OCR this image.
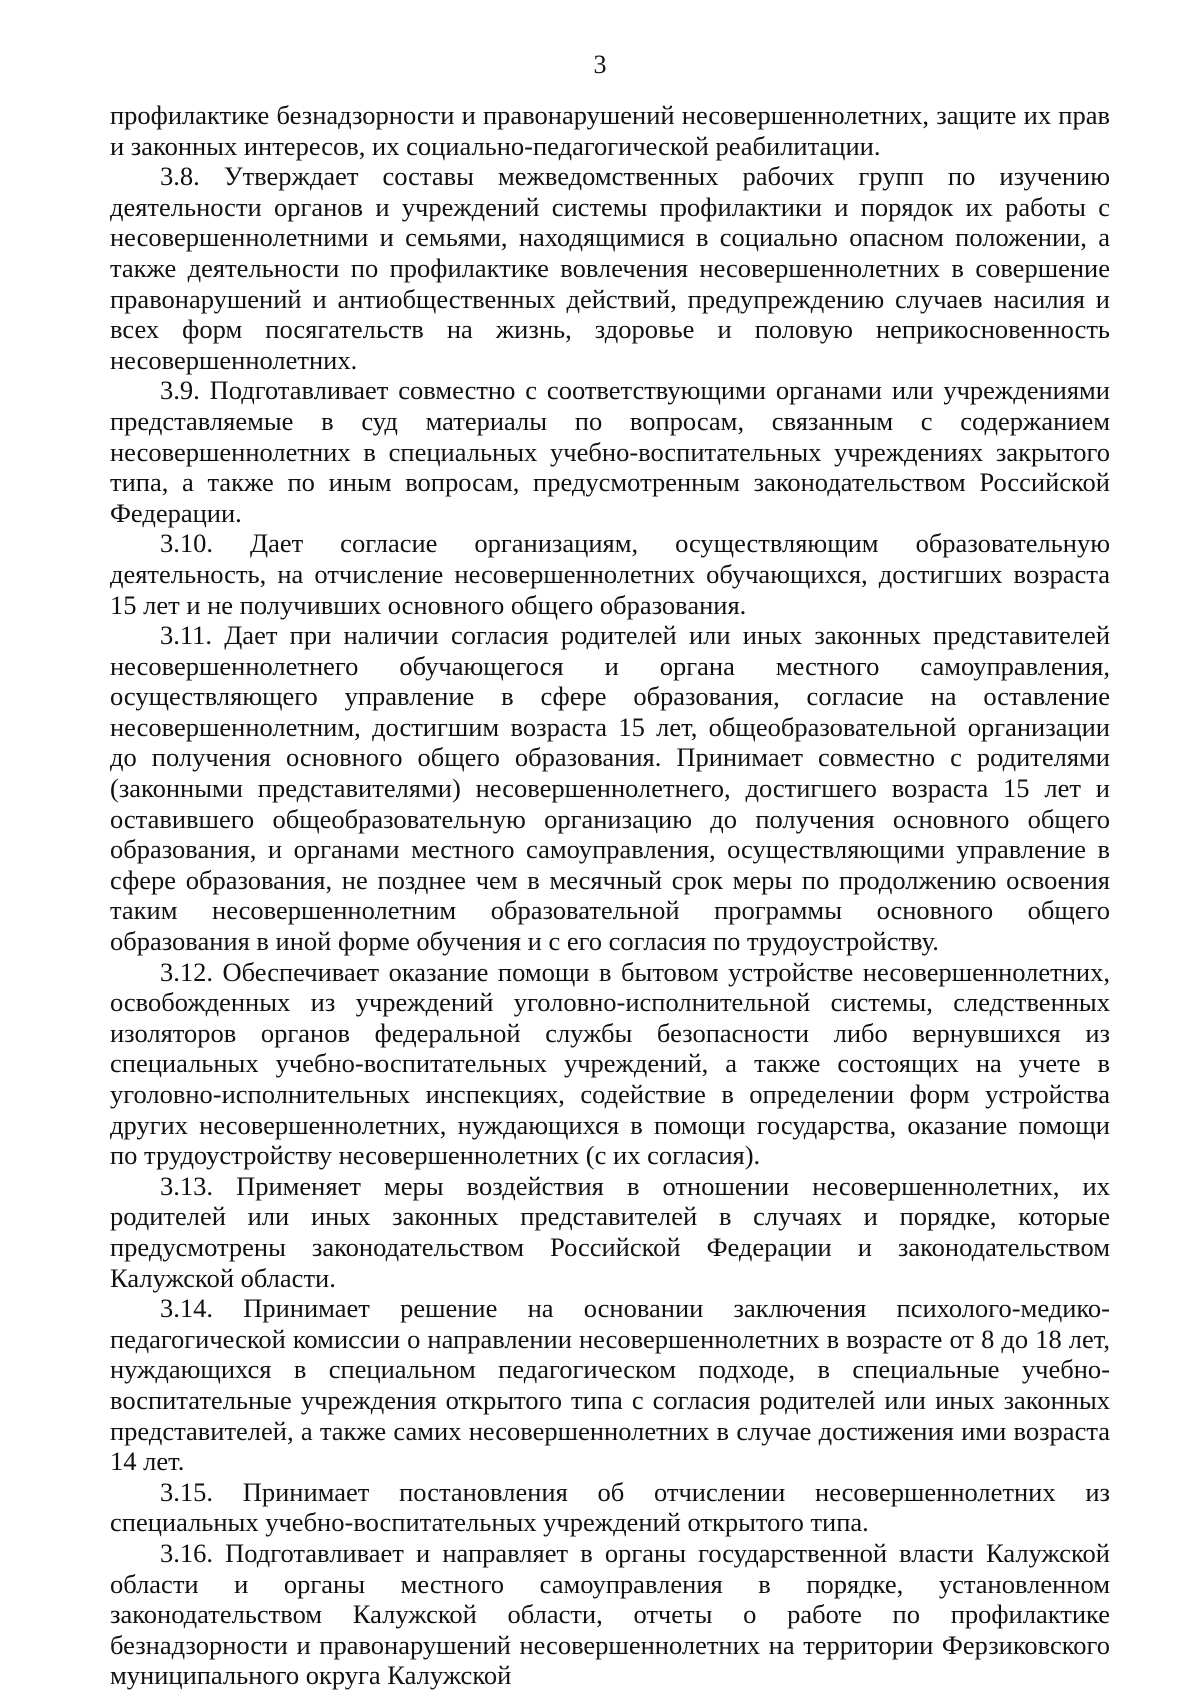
3

профилактике безнадзорности и правонарушений несовершеннолетних, защите их прав и законных интересов, их социально-педагогической реабилитации.

3.8. Утверждает составы межведомственных рабочих групп по изучению деятельности органов и учреждений системы профилактики и порядок их работы с несовершеннолетними и семьями, находящимися в социально опасном положении, а также деятельности по профилактике вовлечения несовершеннолетних в совершение правонарушений и антиобщественных действий, предупреждению случаев насилия и всех форм посягательств на жизнь, здоровье и половую неприкосновенность несовершеннолетних.

3.9. Подготавливает совместно с соответствующими органами или учреждениями представляемые в суд материалы по вопросам, связанным с содержанием несовершеннолетних в специальных учебно-воспитательных учреждениях закрытого типа, а также по иным вопросам, предусмотренным законодательством Российской Федерации.

3.10. Дает согласие организациям, осуществляющим образовательную деятельность, на отчисление несовершеннолетних обучающихся, достигших возраста 15 лет и не получивших основного общего образования.

3.11. Дает при наличии согласия родителей или иных законных представителей несовершеннолетнего обучающегося и органа местного самоуправления, осуществляющего управление в сфере образования, согласие на оставление несовершеннолетним, достигшим возраста 15 лет, общеобразовательной организации до получения основного общего образования. Принимает совместно с родителями (законными представителями) несовершеннолетнего, достигшего возраста 15 лет и оставившего общеобразовательную организацию до получения основного общего образования, и органами местного самоуправления, осуществляющими управление в сфере образования, не позднее чем в месячный срок меры по продолжению освоения таким несовершеннолетним образовательной программы основного общего образования в иной форме обучения и с его согласия по трудоустройству.

3.12. Обеспечивает оказание помощи в бытовом устройстве несовершеннолетних, освобожденных из учреждений уголовно-исполнительной системы, следственных изоляторов органов федеральной службы безопасности либо вернувшихся из специальных учебно-воспитательных учреждений, а также состоящих на учете в уголовно-исполнительных инспекциях, содействие в определении форм устройства других несовершеннолетних, нуждающихся в помощи государства, оказание помощи по трудоустройству несовершеннолетних (с их согласия).

3.13. Применяет меры воздействия в отношении несовершеннолетних, их родителей или иных законных представителей в случаях и порядке, которые предусмотрены законодательством Российской Федерации и законодательством Калужской области.

3.14. Принимает решение на основании заключения психолого-медико-педагогической комиссии о направлении несовершеннолетних в возрасте от 8 до 18 лет, нуждающихся в специальном педагогическом подходе, в специальные учебно-воспитательные учреждения открытого типа с согласия родителей или иных законных представителей, а также самих несовершеннолетних в случае достижения ими возраста 14 лет.

3.15. Принимает постановления об отчислении несовершеннолетних из специальных учебно-воспитательных учреждений открытого типа.

3.16. Подготавливает и направляет в органы государственной власти Калужской области и органы местного самоуправления в порядке, установленном законодательством Калужской области, отчеты о работе по профилактике безнадзорности и правонарушений несовершеннолетних на территории Ферзиковского муниципального округа Калужской
